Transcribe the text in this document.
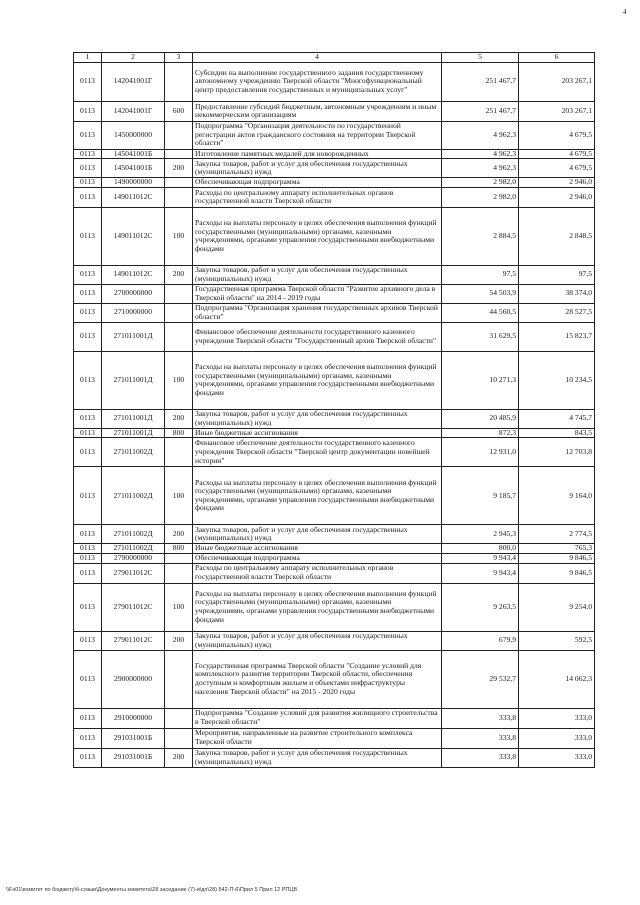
4
1	2	3	4	5	6
0113	142041001Г		Субсидии на выполнение государственного задания государственному автономному учреждению Тверской области "Многофункциональный центр предоставления государственных и муниципальных услуг"	251 467,7	203 267,1
0113	142041001Г	600	Предоставление субсидий бюджетным, автономным учреждениям и иным некоммерческим организациям	251 467,7	203 267,1
0113	1450000000		Подпрограмма "Организация деятельности по государственной регистрации актов гражданского состояния на территории Тверской области"	4 962,3	4 679,5
0113	145041001Б		Изготовление памятных медалей для новорожденных	4 962,3	4 679,5
0113	145041001Б	200	Закупка товаров, работ и услуг для обеспечения государственных (муниципальных) нужд	4 962,3	4 679,5
0113	1490000000		Обеспечивающая подпрограмма	2 982,0	2 946,0
0113	149011012С		Расходы по центральному аппарату исполнительных органов государственной власти Тверской области	2 982,0	2 946,0
0113	149011012С	100	Расходы на выплаты персоналу в целях обеспечения выполнения функций государственными (муниципальными) органами, казенными учреждениями, органами управления государственными внебюджетными фондами	2 884,5	2 848,5
0113	149011012С	200	Закупка товаров, работ и услуг для обеспечения государственных (муниципальных) нужд	97,5	97,5
0113	2700000000		Государственная программа Тверской области "Развитие архивного дела в Тверской области" на 2014 - 2019 годы	54 503,9	38 374,0
0113	2710000000		Подпрограмма "Организация хранения государственных архивов Тверской области"	44 560,5	28 527,5
0113	271011001Д		Финансовое обеспечение деятельности государственного казенного учреждения Тверской области "Государственный архив Тверской области"	31 629,5	15 823,7
0113	271011001Д	100	Расходы на выплаты персоналу в целях обеспечения выполнения функций государственными (муниципальными) органами, казенными учреждениями, органами управления государственными внебюджетными фондами	10 271,3	10 234,5
0113	271011001Д	200	Закупка товаров, работ и услуг для обеспечения государственных (муниципальных) нужд	20 485,9	4 745,7
0113	271011001Д	800	Иные бюджетные ассигнования	872,3	843,5
0113	271011002Д		Финансовое обеспечение деятельности государственного казенного учреждения Тверской области "Тверской центр документации новейшей истории"	12 931,0	12 703,8
0113	271011002Д	100	Расходы на выплаты персоналу в целях обеспечения выполнения функций государственными (муниципальными) органами, казенными учреждениями, органами управления государственными внебюджетными фондами	9 185,7	9 164,0
0113	271011002Д	200	Закупка товаров, работ и услуг для обеспечения государственных (муниципальных) нужд	2 945,3	2 774,5
0113	271011002Д	800	Иные бюджетные ассигнования	800,0	765,3
0113	2790000000		Обеспечивающая подпрограмма	9 943,4	9 846,5
0113	279011012С		Расходы по центральному аппарату исполнительных органов государственной власти Тверской области	9 943,4	9 846,5
0113	279011012С	100	Расходы на выплаты персоналу в целях обеспечения выполнения функций государственными (муниципальными) органами, казенными учреждениями, органами управления государственными внебюджетными фондами	9 263,5	9 254,0
0113	279011012С	200	Закупка товаров, работ и услуг для обеспечения государственных (муниципальных) нужд	679,9	592,5
0113	2900000000		Государственная программа Тверской области "Создание условий для комплексного развития территории Тверской области, обеспечения доступным и комфортным жильем и объектами инфраструктуры населения Тверской области" на 2015 - 2020 годы	29 532,7	14 062,3
0113	2910000000		Подпрограмма "Создание условий для развития жилищного строительства в Тверской области"	333,8	333,0
0113	291031001Б		Мероприятия, направленные на развитие строительного комплекса Тверской области	333,8	333,0
0113	291031001Б	200	Закупка товаров, работ и услуг для обеспечения государственных (муниципальных) нужд	333,8	333,0
\\Fs01\комитет по бюджету\б-созыв\Документы комитета\28 заседание (7)-и\дп\28) 542-П-6\Прил 5 Прил 12 РПЦВ
